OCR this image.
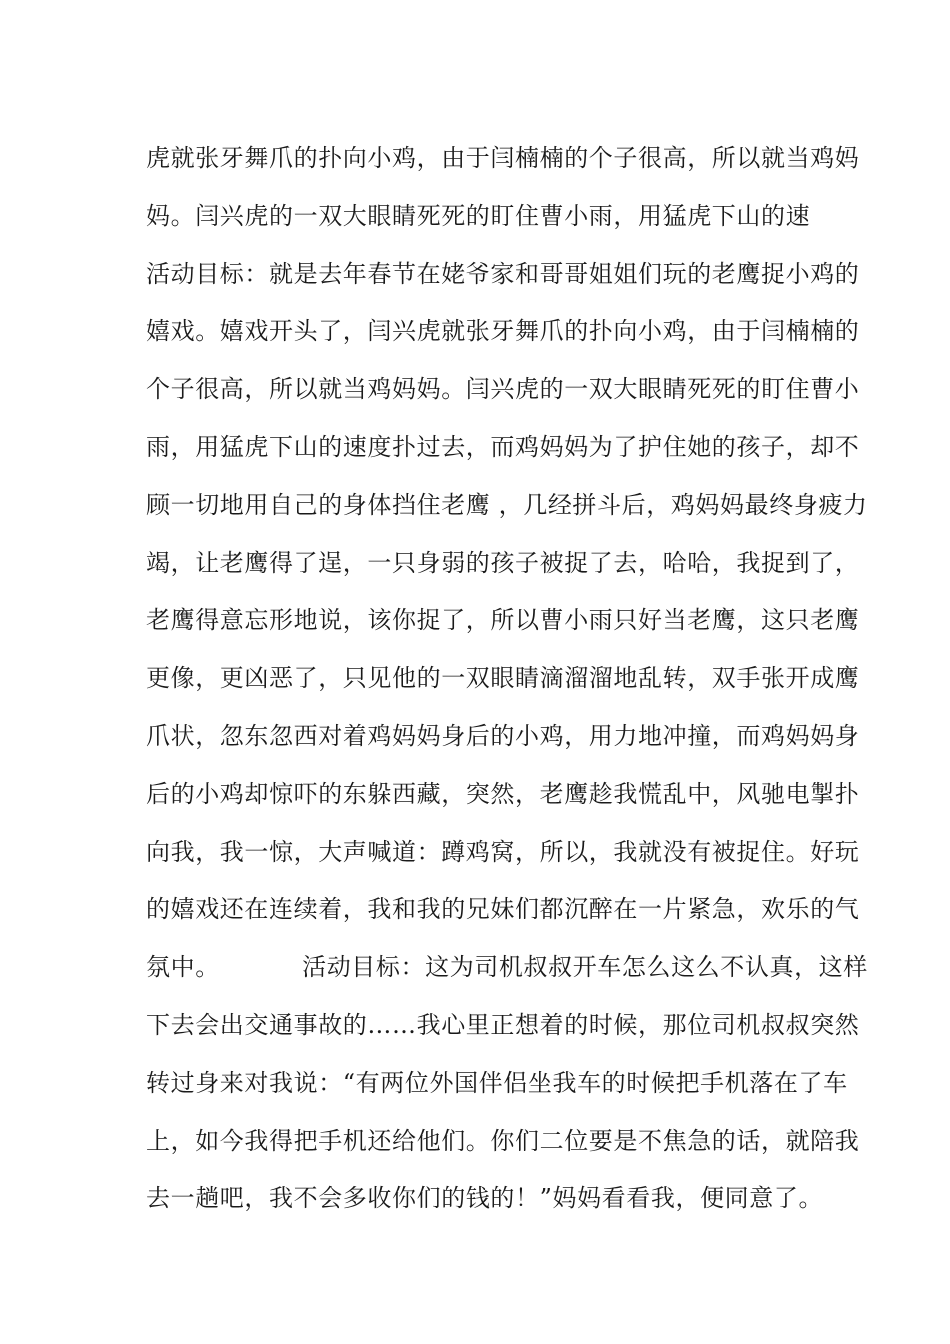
虎就张牙舞爪的扑向小鸡，由于闫楠楠的个子很高，所以就当鸡妈
妈。闫兴虎的一双大眼睛死死的盯住曹小雨，用猛虎下山的速
活动目标：就是去年春节在姥爷家和哥哥姐姐们玩的老鹰捉小鸡的
嬉戏。嬉戏开头了，闫兴虎就张牙舞爪的扑向小鸡，由于闫楠楠的
个子很高，所以就当鸡妈妈。闫兴虎的一双大眼睛死死的盯住曹小
雨，用猛虎下山的速度扑过去，而鸡妈妈为了护住她的孩子，却不
顾一切地用自己的身体挡住老鹰 ，几经拼斗后，鸡妈妈最终身疲力
竭，让老鹰得了逞，一只身弱的孩子被捉了去，哈哈，我捉到了，
老鹰得意忘形地说，该你捉了，所以曹小雨只好当老鹰，这只老鹰
更像，更凶恶了，只见他的一双眼睛滴溜溜地乱转，双手张开成鹰
爪状，忽东忽西对着鸡妈妈身后的小鸡，用力地冲撞，而鸡妈妈身
后的小鸡却惊吓的东躲西藏，突然，老鹰趁我慌乱中，风驰电掣扑
向我，我一惊，大声喊道：蹲鸡窝，所以，我就没有被捉住。好玩
的嬉戏还在连续着，我和我的兄妹们都沉醉在一片紧急，欢乐的气
氛中。          活动目标：这为司机叔叔开车怎么这么不认真，这样
下去会出交通事故的……我心里正想着的时候，那位司机叔叔突然
转过身来对我说：“有两位外国伴侣坐我车的时候把手机落在了车
上，如今我得把手机还给他们。你们二位要是不焦急的话，就陪我
去一趟吧，我不会多收你们的钱的！”妈妈看看我，便同意了。
